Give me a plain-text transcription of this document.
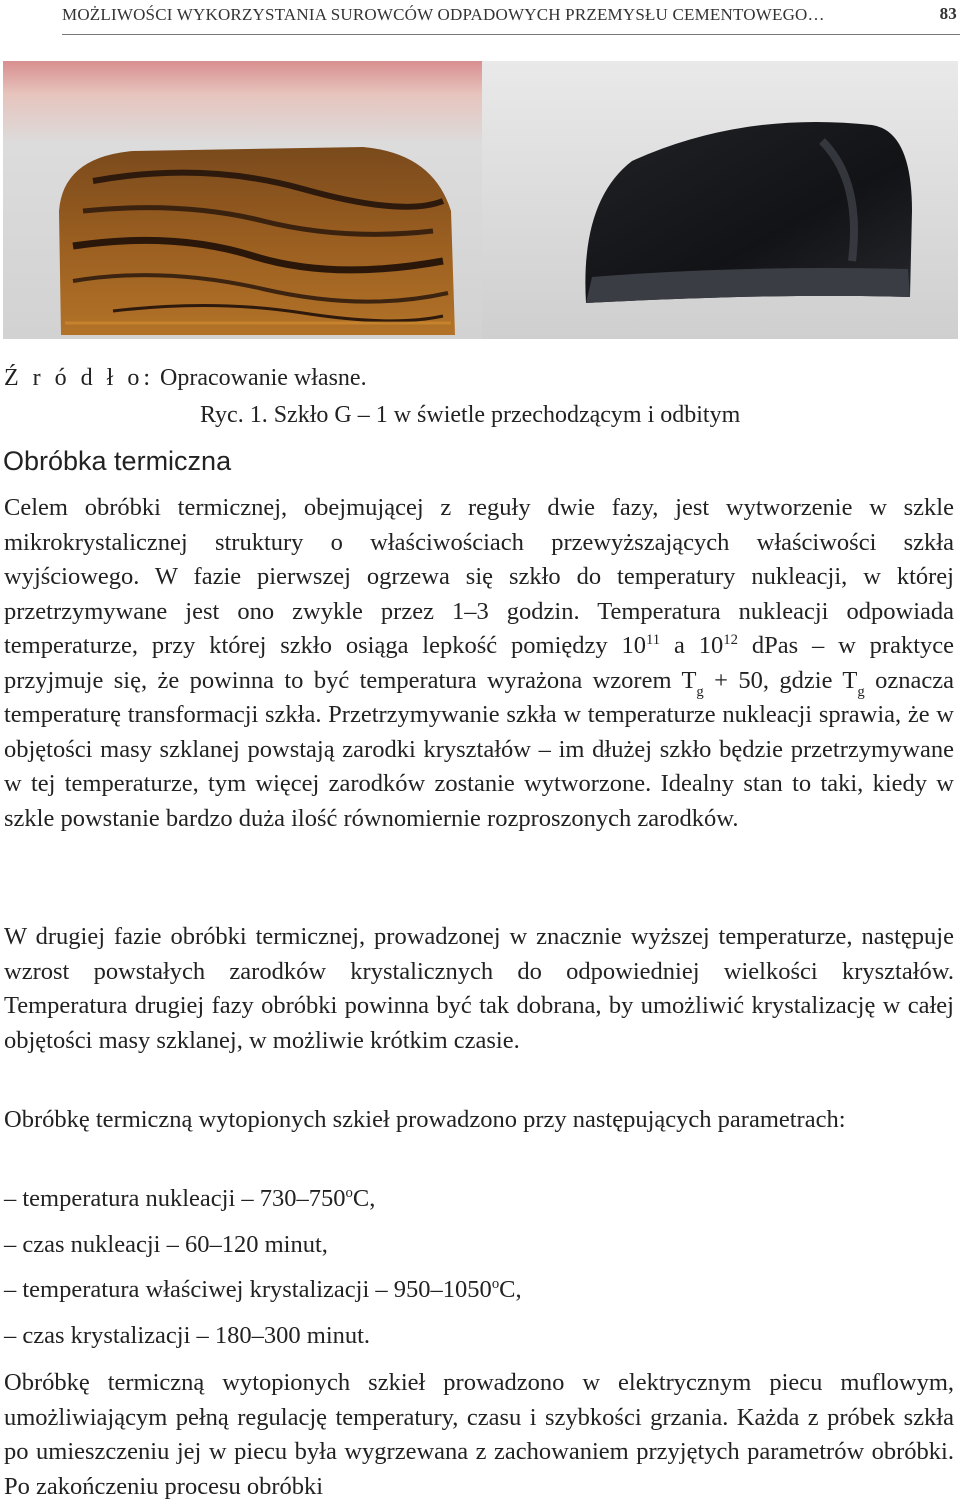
MOŻLIWOŚCI WYKORZYSTANIA SUROWCÓW ODPADOWYCH PRZEMYSŁU CEMENTOWEGO…	83
Ź r ó d ł o: Opracowanie własne.
Ryc. 1. Szkło G – 1 w świetle przechodzącym i odbitym
Obróbka termiczna

Celem obróbki termicznej, obejmującej z reguły dwie fazy, jest wytworzenie w szkle mikrokrystalicznej struktury o właściwościach przewyższających właściwości szkła wyjściowego. W fazie pierwszej ogrzewa się szkło do temperatury nukleacji, w której przetrzymywane jest ono zwykle przez 1–3 godzin. Temperatura nukleacji odpowiada temperaturze, przy której szkło osiąga lepkość pomiędzy $10^{11}$ a $10^{12}$ dPas – w praktyce przyjmuje się, że powinna to być temperatura wyrażona wzorem $T_g + 50$, gdzie $T_g$ oznacza temperaturę transformacji szkła. Przetrzymywanie szkła w temperaturze nukleacji sprawia, że w objętości masy szklanej powstają zarodki kryształów – im dłużej szkło będzie przetrzymywane w tej temperaturze, tym więcej zarodków zostanie wytworzone. Idealny stan to taki, kiedy w szkle powstanie bardzo duża ilość równomiernie rozproszonych zarodków.

W drugiej fazie obróbki termicznej, prowadzonej w znacznie wyższej temperaturze, następuje wzrost powstałych zarodków krystalicznych do odpowiedniej wielkości kryształów. Temperatura drugiej fazy obróbki powinna być tak dobrana, by umożliwić krystalizację w całej objętości masy szklanej, w możliwie krótkim czasie.

Obróbkę termiczną wytopionych szkieł prowadzono przy następujących parametrach:

– temperatura nukleacji – 730–750$^o$C,
– czas nukleacji – 60–120 minut,
– temperatura właściwej krystalizacji – 950–1050$^o$C,
– czas krystalizacji – 180–300 minut.

Obróbkę termiczną wytopionych szkieł prowadzono w elektrycznym piecu muflowym, umożliwiającym pełną regulację temperatury, czasu i szybkości grzania. Każda z próbek szkła po umieszczeniu jej w piecu była wygrzewana z zachowaniem przyjętych parametrów obróbki. Po zakończeniu procesu obróbki
